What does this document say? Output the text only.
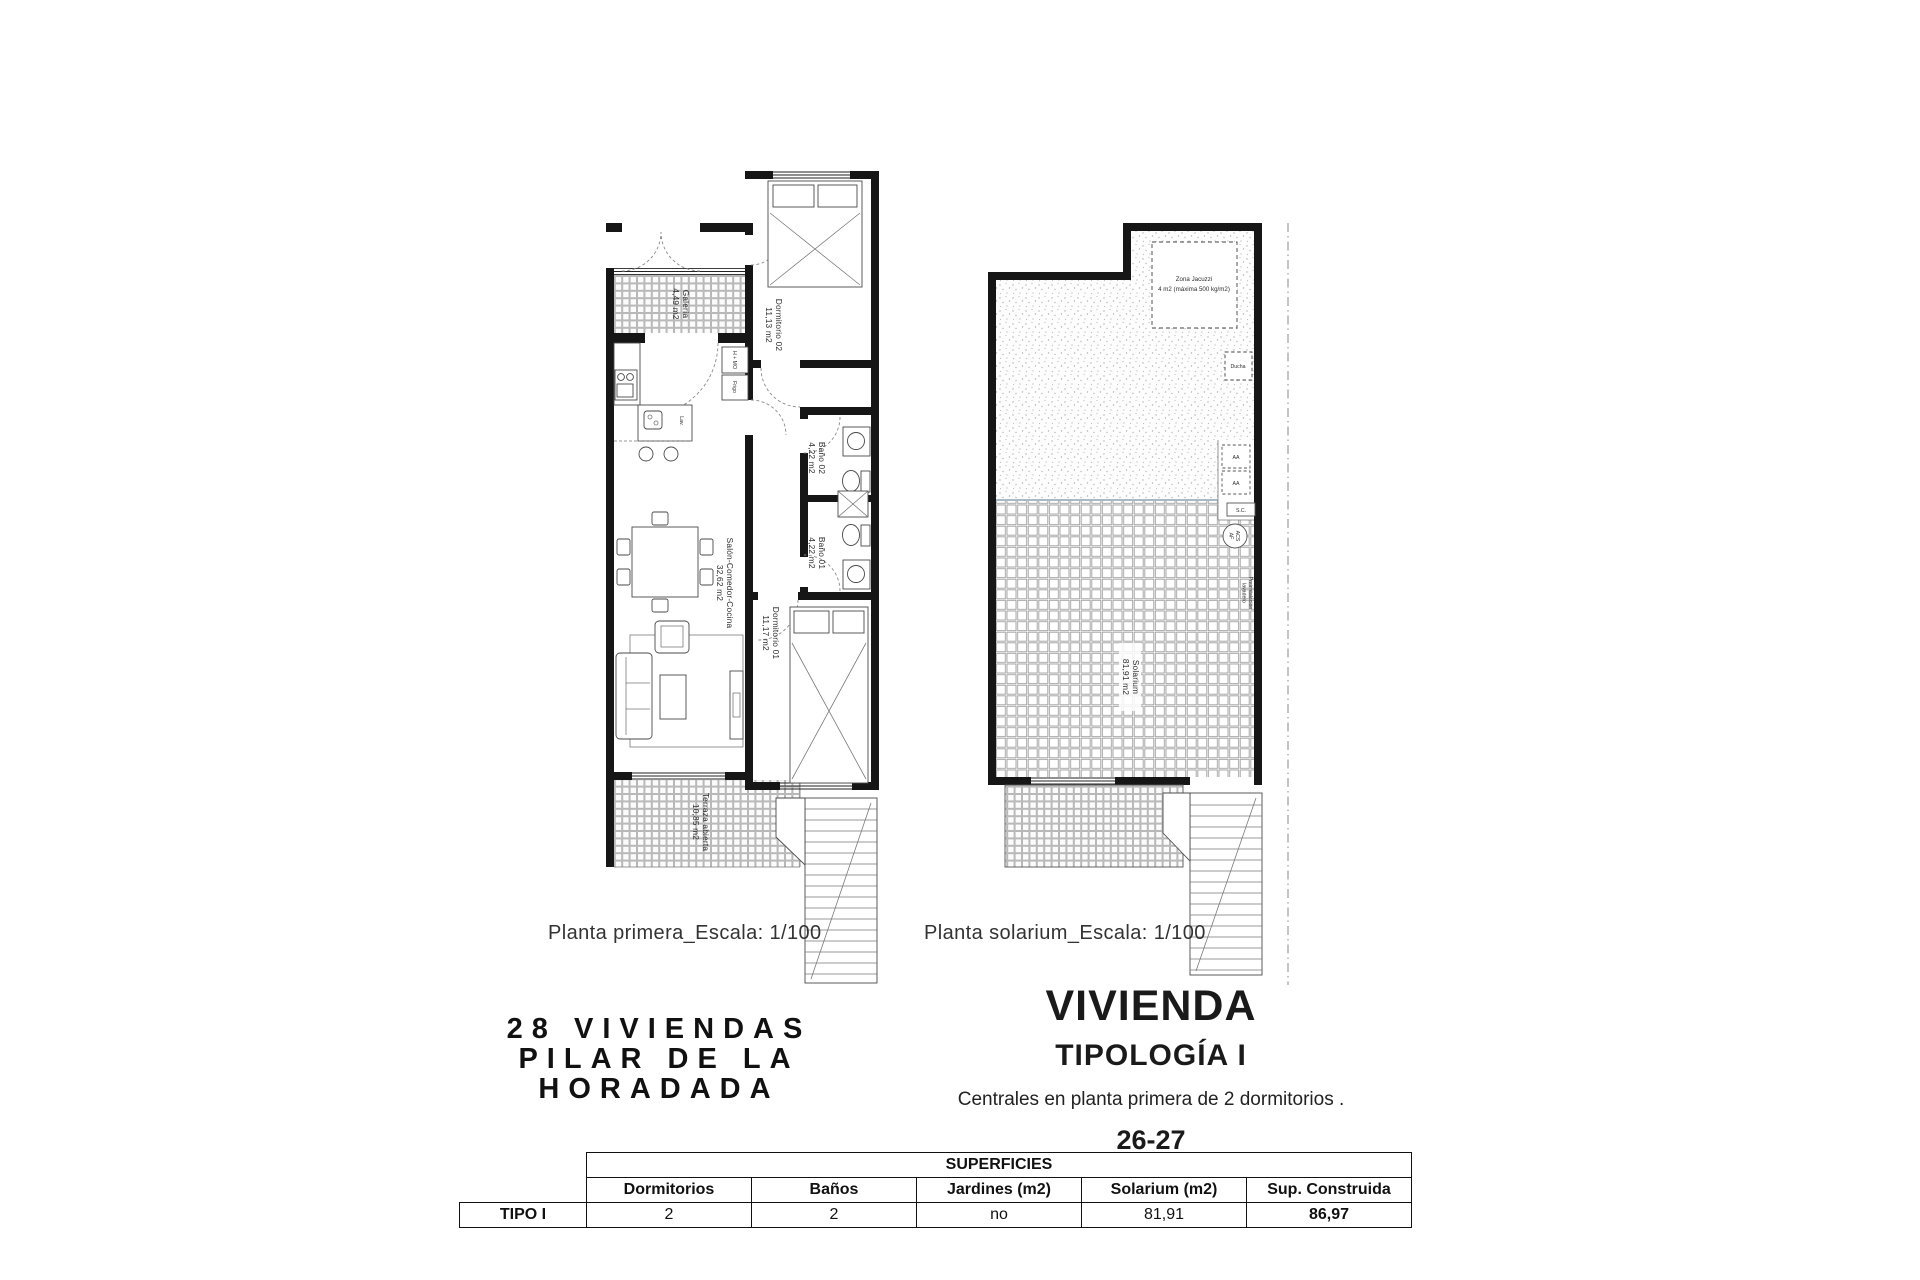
Galería
4,49 m2	Dormitorio 02
11,13 m2
Baño 02
4,22 m2
Baño 01
4,22 m2
Dormitorio 01
11,17 m2
Salón-Comedor-Cocina
32,62 m2
Terraza abierta
10,85 m2
H + MO
Frigo
Lav.
Zona Jacuzzi
4 m2 (máxima 500 kg/m2)
Ducha
AA
AA
S.C.
ACS
AF
Preinstalación
lavadero
Solarium
81,91 m2
Planta primera_Escala: 1/100	Planta solarium_Escala: 1/100
28 VIVIENDAS
PILAR DE LA
HORADADA
VIVIENDA
TIPOLOGÍA I
Centrales en planta primera de 2 dormitorios .
26-27
	SUPERFICIES				
	Dormitorios	Baños	Jardines (m2)	Solarium (m2)	Sup. Construida
TIPO I	2	2	no	81,91	86,97
